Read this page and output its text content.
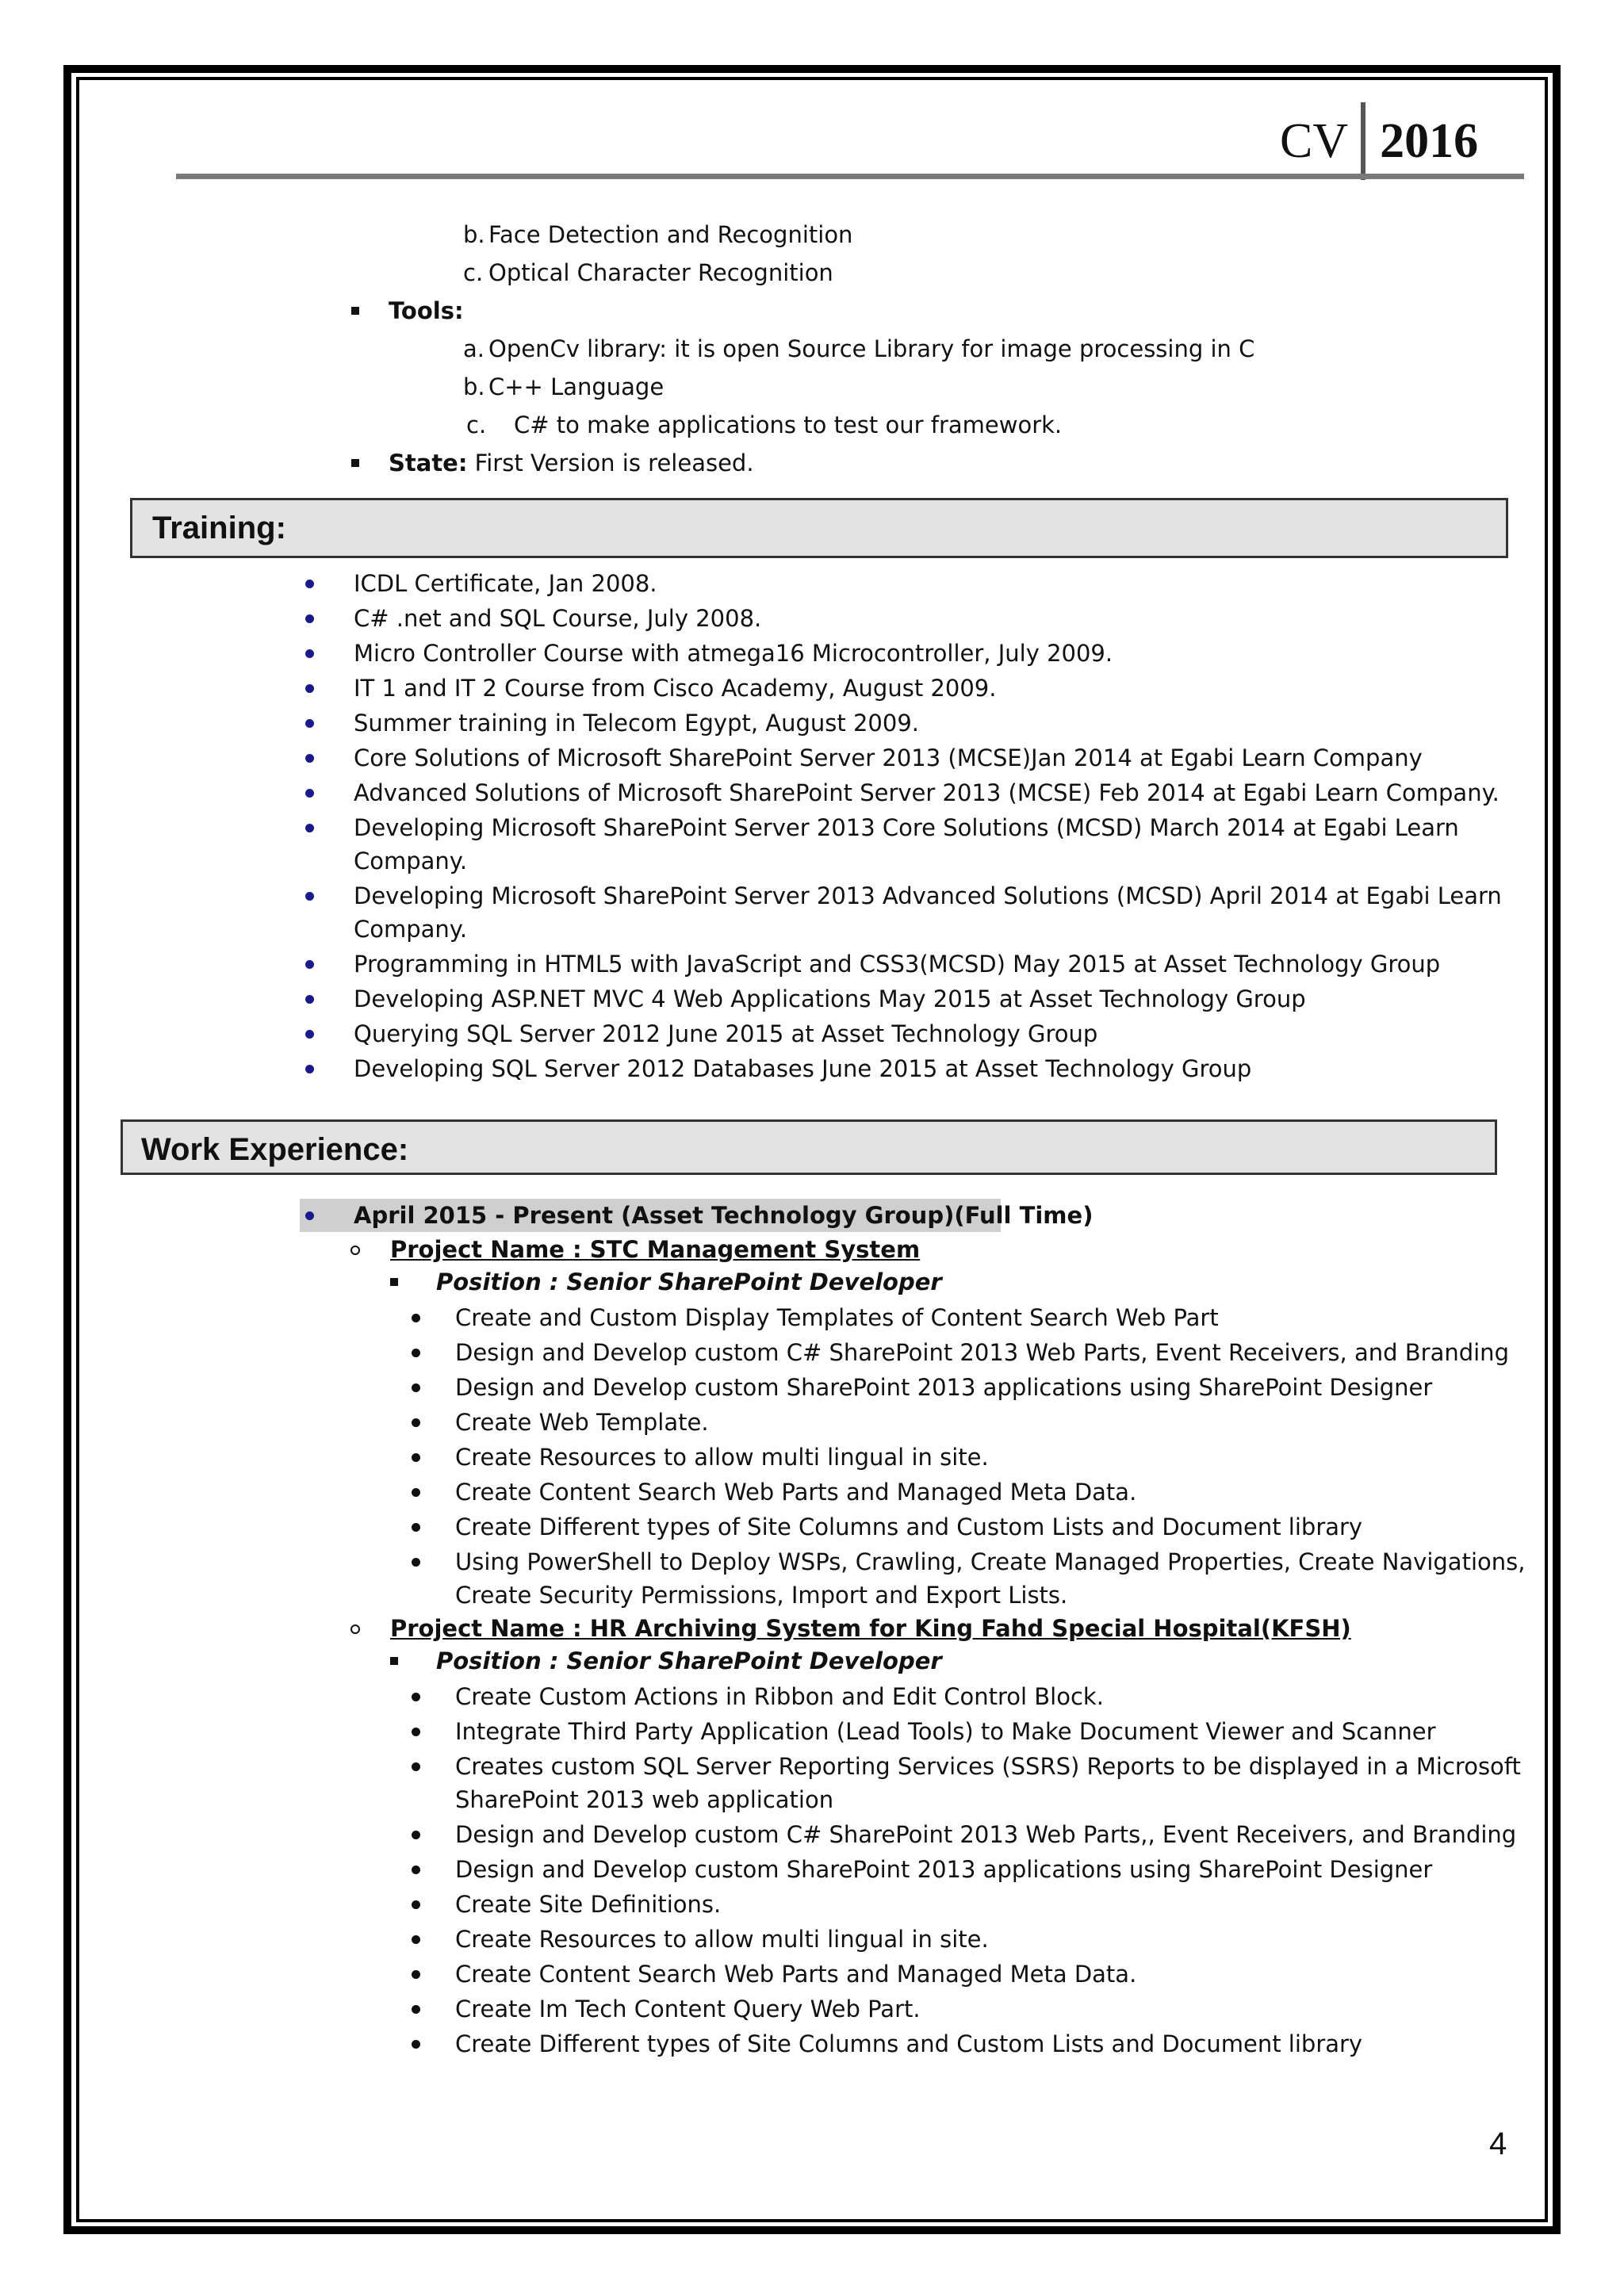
CV 2016
b. Face Detection and Recognition
c. Optical Character Recognition
Tools:
a. OpenCv library: it is open Source Library for image processing in C
b. C++ Language
c. C# to make applications to test our framework.
State: First Version is released.
Training:
ICDL Certificate, Jan 2008.
C# .net and SQL Course, July 2008.
Micro Controller Course with atmega16 Microcontroller, July 2009.
IT 1 and IT 2 Course from Cisco Academy, August 2009.
Summer training in Telecom Egypt, August 2009.
Core Solutions of Microsoft SharePoint Server 2013 (MCSE)Jan 2014 at Egabi Learn Company
Advanced Solutions of Microsoft SharePoint Server 2013 (MCSE) Feb 2014 at Egabi Learn Company.
Developing Microsoft SharePoint Server 2013 Core Solutions (MCSD) March 2014 at Egabi Learn
Company.
Developing Microsoft SharePoint Server 2013 Advanced Solutions (MCSD) April 2014 at Egabi Learn
Company.
Programming in HTML5 with JavaScript and CSS3(MCSD) May 2015 at Asset Technology Group
Developing ASP.NET MVC 4 Web Applications May 2015 at Asset Technology Group
Querying SQL Server 2012 June 2015 at Asset Technology Group
Developing SQL Server 2012 Databases June 2015 at Asset Technology Group
Work Experience:
April 2015 - Present (Asset Technology Group)(Full Time)
Project Name : STC Management System
Position : Senior SharePoint Developer
Create and Custom Display Templates of Content Search Web Part
Design and Develop custom C# SharePoint 2013 Web Parts, Event Receivers, and Branding
Design and Develop custom SharePoint 2013 applications using SharePoint Designer
Create Web Template.
Create Resources to allow multi lingual in site.
Create Content Search Web Parts and Managed Meta Data.
Create Different types of Site Columns and Custom Lists and Document library
Using PowerShell to Deploy WSPs, Crawling, Create Managed Properties, Create Navigations,
Create Security Permissions, Import and Export Lists.
Project Name : HR Archiving System for King Fahd Special Hospital(KFSH)
Position : Senior SharePoint Developer
Create Custom Actions in Ribbon and Edit Control Block.
Integrate Third Party Application (Lead Tools) to Make Document Viewer and Scanner
Creates custom SQL Server Reporting Services (SSRS) Reports to be displayed in a Microsoft
SharePoint 2013 web application
Design and Develop custom C# SharePoint 2013 Web Parts,, Event Receivers, and Branding
Design and Develop custom SharePoint 2013 applications using SharePoint Designer
Create Site Definitions.
Create Resources to allow multi lingual in site.
Create Content Search Web Parts and Managed Meta Data.
Create Im Tech Content Query Web Part.
Create Different types of Site Columns and Custom Lists and Document library
4
